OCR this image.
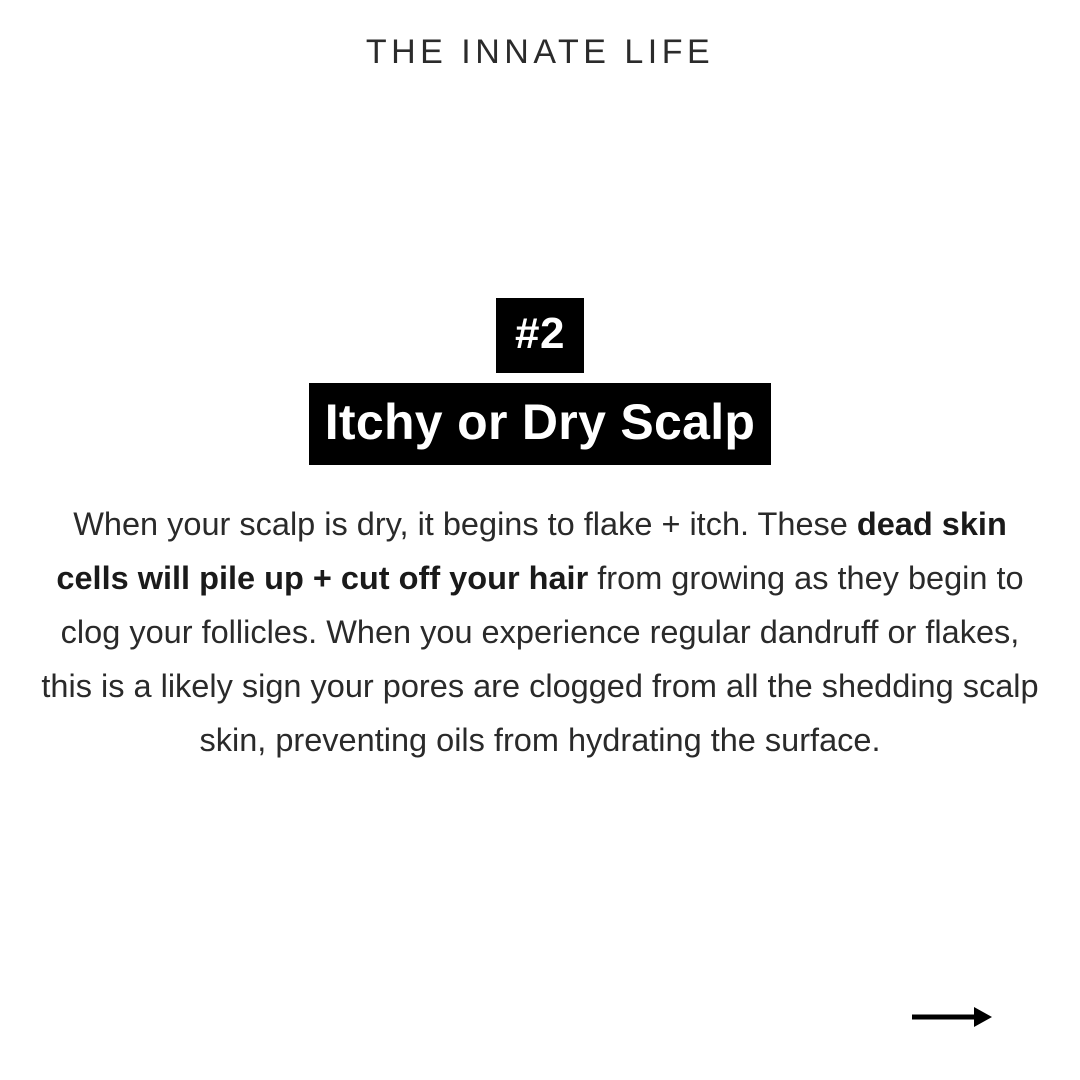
THE INNATE LIFE
#2
Itchy or Dry Scalp

When your scalp is dry, it begins to flake + itch. These dead skin cells will pile up + cut off your hair from growing as they begin to clog your follicles. When you experience regular dandruff or flakes, this is a likely sign your pores are clogged from all the shedding scalp skin, preventing oils from hydrating the surface.
